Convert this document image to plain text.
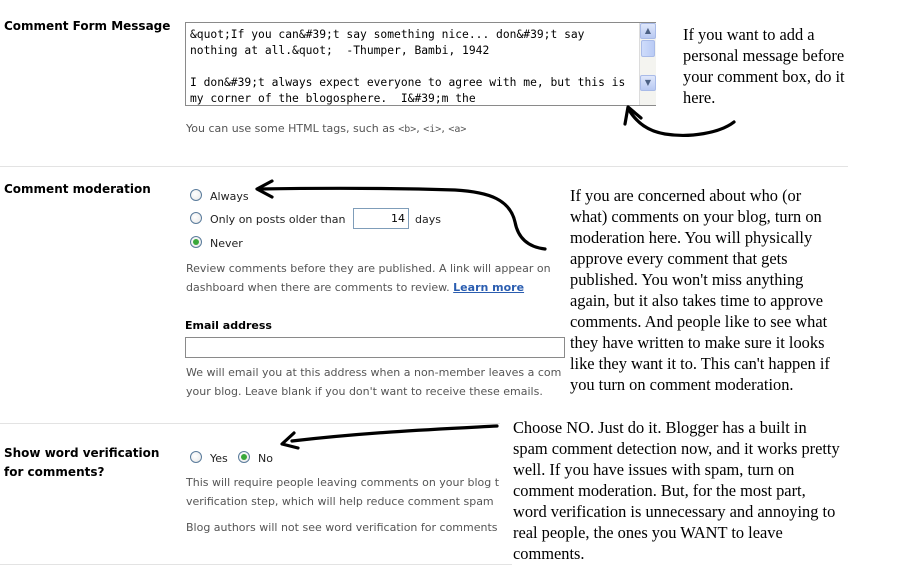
Comment Form Message
&quot;If you can&#39;t say something nice... don&#39;t say nothing at all.&quot; -Thumper, Bambi, 1942 I don&#39;t always expect everyone to agree with me, but this is my corner of the blogosphere. I&#39;m the	▲
▼
You can use some HTML tags, such as <b>, <i>, <a>
Comment moderation
Always
Only on posts older than
14	days
Never
Review comments before they are published. A link will appear on
dashboard when there are comments to review. Learn more
Email address
We will email you at this address when a non-member leaves a com
your blog. Leave blank if you don't want to receive these emails.
Show word verification
for comments?
Yes	No
This will require people leaving comments on your blog t
verification step, which will help reduce comment spam
Blog authors will not see word verification for comments
If you want to add a
personal message before
your comment box, do it
here.
If you are concerned about who (or
what) comments on your blog, turn on
moderation here. You will physically
approve every comment that gets
published. You won't miss anything
again, but it also takes time to approve
comments. And people like to see what
they have written to make sure it looks
like they want it to. This can't happen if
you turn on comment moderation.
Choose NO. Just do it. Blogger has a built in
spam comment detection now, and it works pretty
well. If you have issues with spam, turn on
comment moderation. But, for the most part,
word verification is unnecessary and annoying to
real people, the ones you WANT to leave
comments.
